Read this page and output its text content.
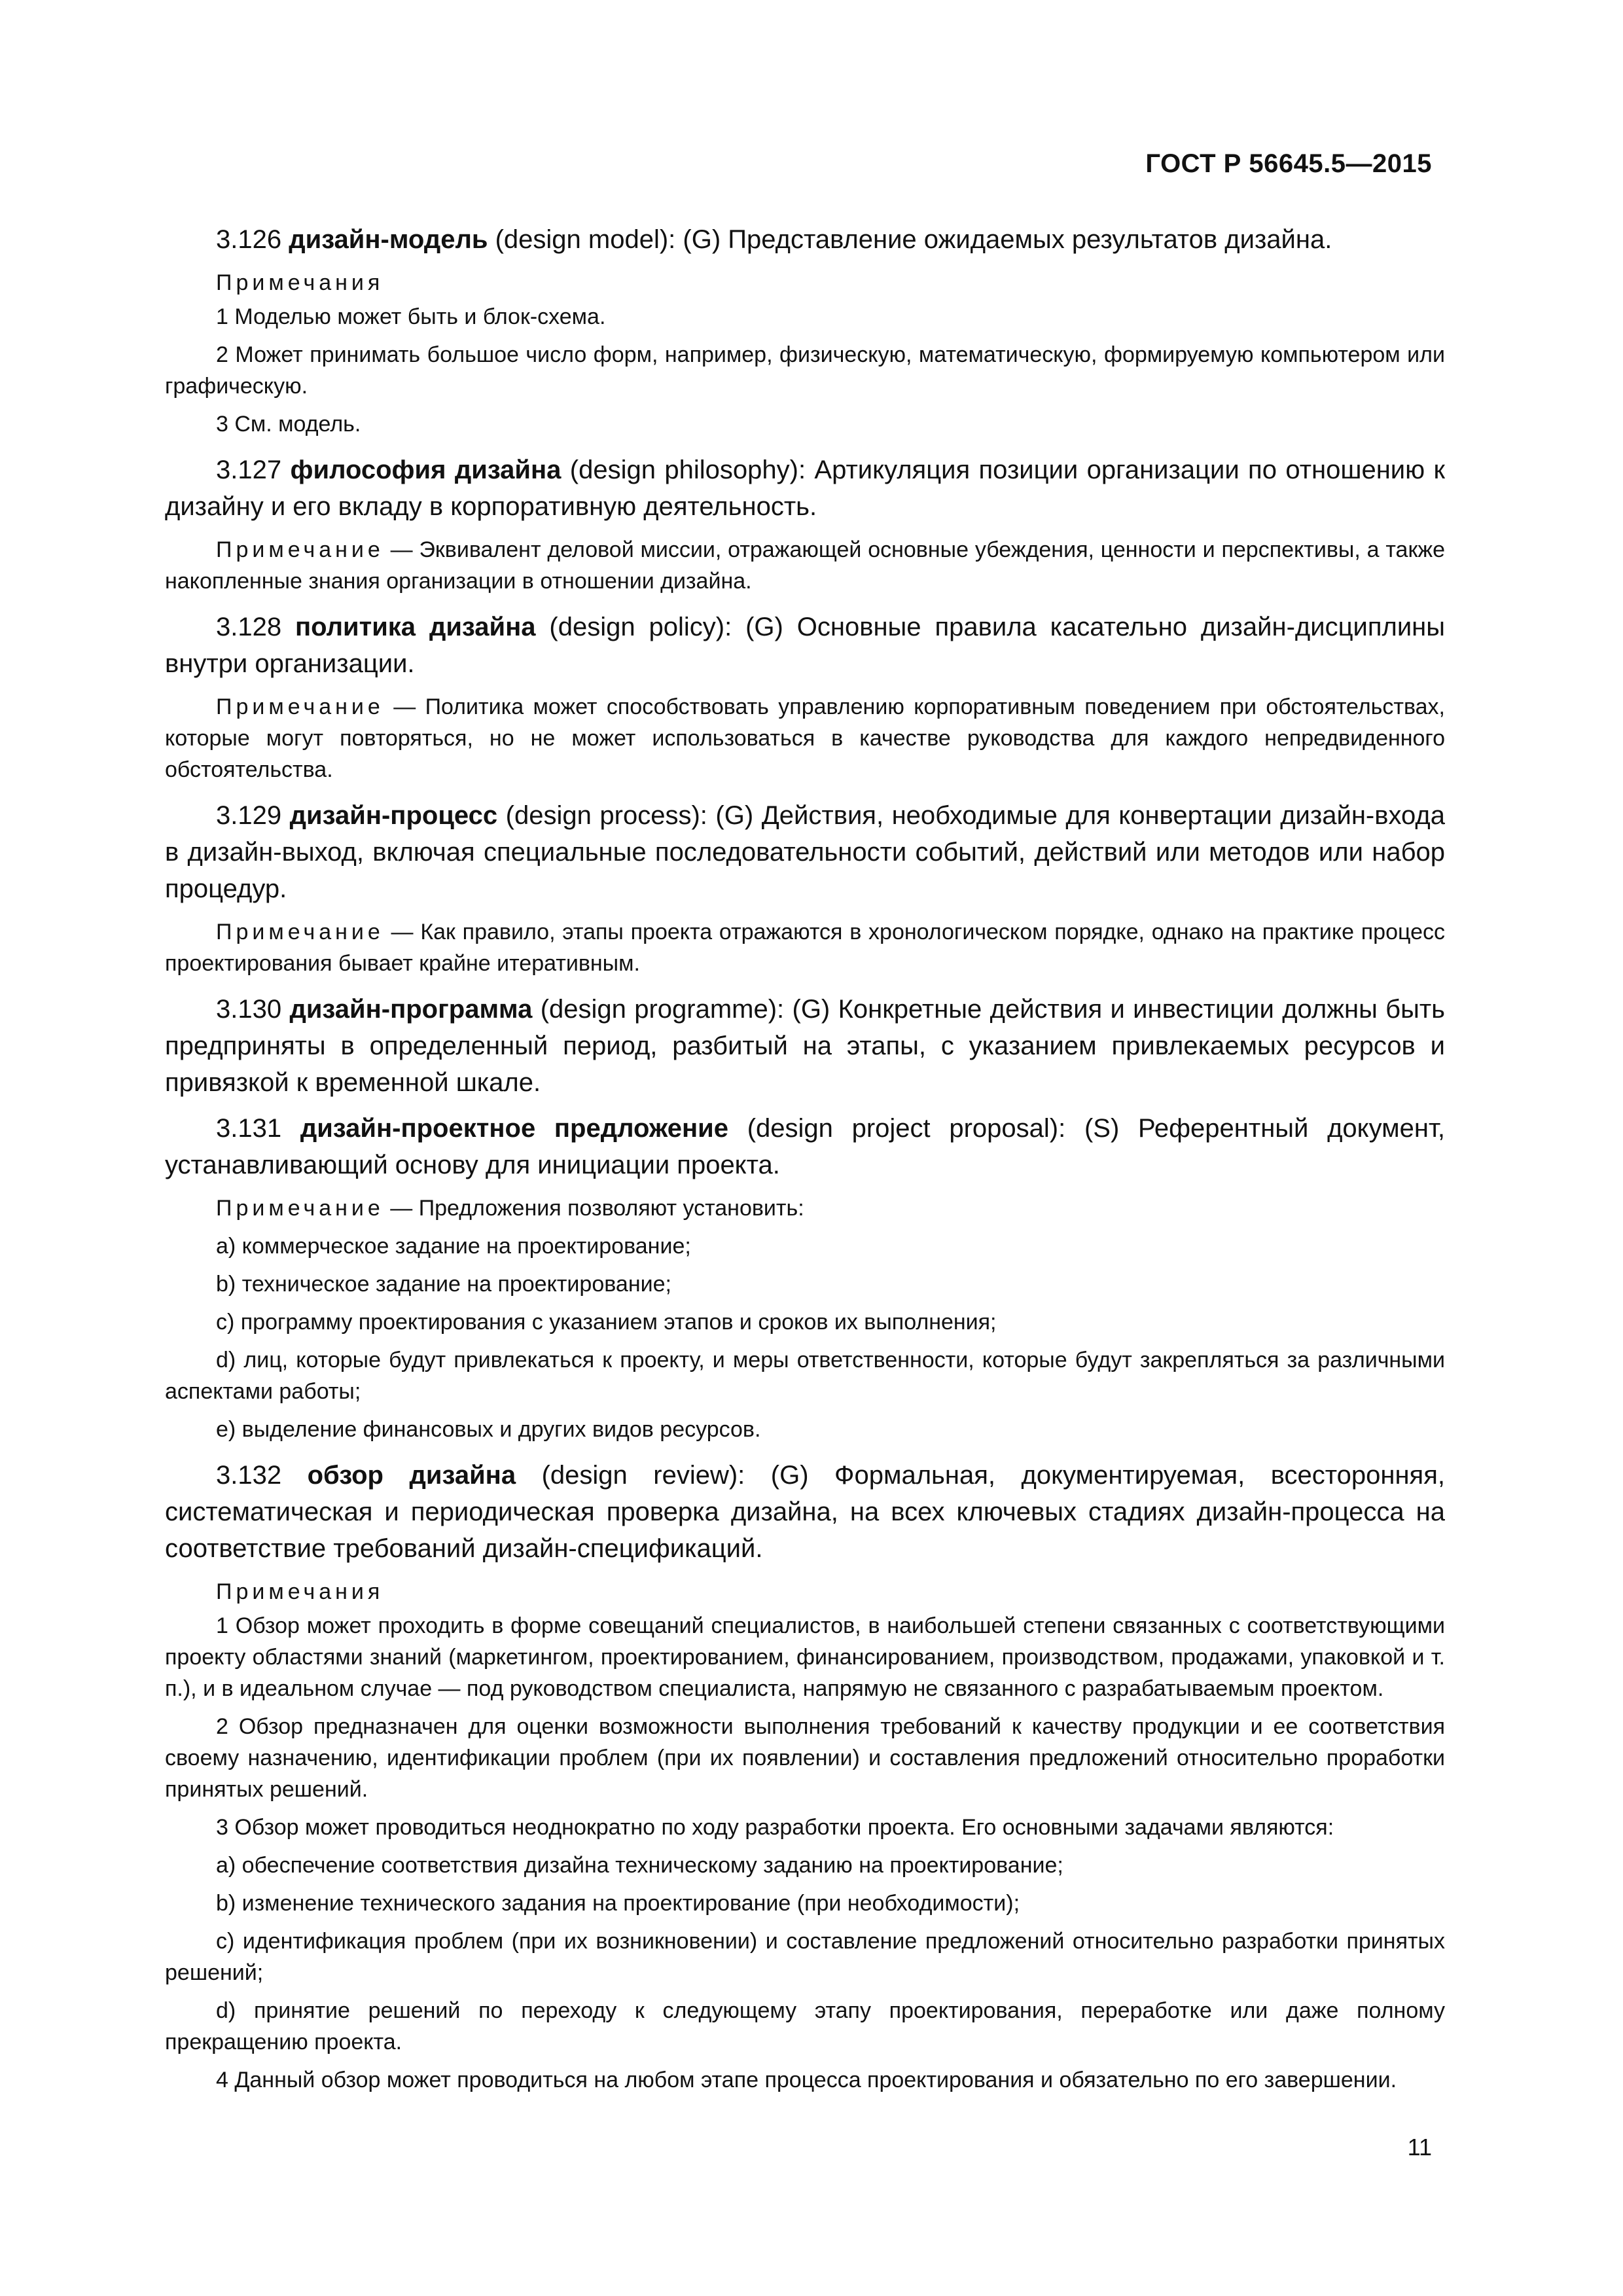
ГОСТ Р 56645.5—2015

3.126 дизайн-модель (design model): (G) Представление ожидаемых результатов дизайна.

Примечания

1 Моделью может быть и блок-схема.

2 Может принимать большое число форм, например, физическую, математическую, формируемую компьютером или графическую.

3 См. модель.

3.127 философия дизайна (design philosophy): Артикуляция позиции организации по отношению к дизайну и его вкладу в корпоративную деятельность.

Примечание — Эквивалент деловой миссии, отражающей основные убеждения, ценности и перспективы, а также накопленные знания организации в отношении дизайна.

3.128 политика дизайна (design policy): (G) Основные правила касательно дизайн-дисциплины внутри организации.

Примечание — Политика может способствовать управлению корпоративным поведением при обстоятельствах, которые могут повторяться, но не может использоваться в качестве руководства для каждого непредвиденного обстоятельства.

3.129 дизайн-процесс (design process): (G) Действия, необходимые для конвертации дизайн-входа в дизайн-выход, включая специальные последовательности событий, действий или методов или набор процедур.

Примечание — Как правило, этапы проекта отражаются в хронологическом порядке, однако на практике процесс проектирования бывает крайне итеративным.

3.130 дизайн-программа (design programme): (G) Конкретные действия и инвестиции должны быть предприняты в определенный период, разбитый на этапы, с указанием привлекаемых ресурсов и привязкой к временной шкале.

3.131 дизайн-проектное предложение (design project proposal): (S) Референтный документ, устанавливающий основу для инициации проекта.

Примечание — Предложения позволяют установить:

a) коммерческое задание на проектирование;

b) техническое задание на проектирование;

c) программу проектирования с указанием этапов и сроков их выполнения;

d) лиц, которые будут привлекаться к проекту, и меры ответственности, которые будут закрепляться за различными аспектами работы;

e) выделение финансовых и других видов ресурсов.

3.132 обзор дизайна (design review): (G) Формальная, документируемая, всесторонняя, систематическая и периодическая проверка дизайна, на всех ключевых стадиях дизайн-процесса на соответствие требований дизайн-спецификаций.

Примечания

1 Обзор может проходить в форме совещаний специалистов, в наибольшей степени связанных с соответствующими проекту областями знаний (маркетингом, проектированием, финансированием, производством, продажами, упаковкой и т. п.), и в идеальном случае — под руководством специалиста, напрямую не связанного с разрабатываемым проектом.

2 Обзор предназначен для оценки возможности выполнения требований к качеству продукции и ее соответствия своему назначению, идентификации проблем (при их появлении) и составления предложений относительно проработки принятых решений.

3 Обзор может проводиться неоднократно по ходу разработки проекта. Его основными задачами являются:

a) обеспечение соответствия дизайна техническому заданию на проектирование;

b) изменение технического задания на проектирование (при необходимости);

c) идентификация проблем (при их возникновении) и составление предложений относительно разработки принятых решений;

d) принятие решений по переходу к следующему этапу проектирования, переработке или даже полному прекращению проекта.

4 Данный обзор может проводиться на любом этапе процесса проектирования и обязательно по его завершении.

11
